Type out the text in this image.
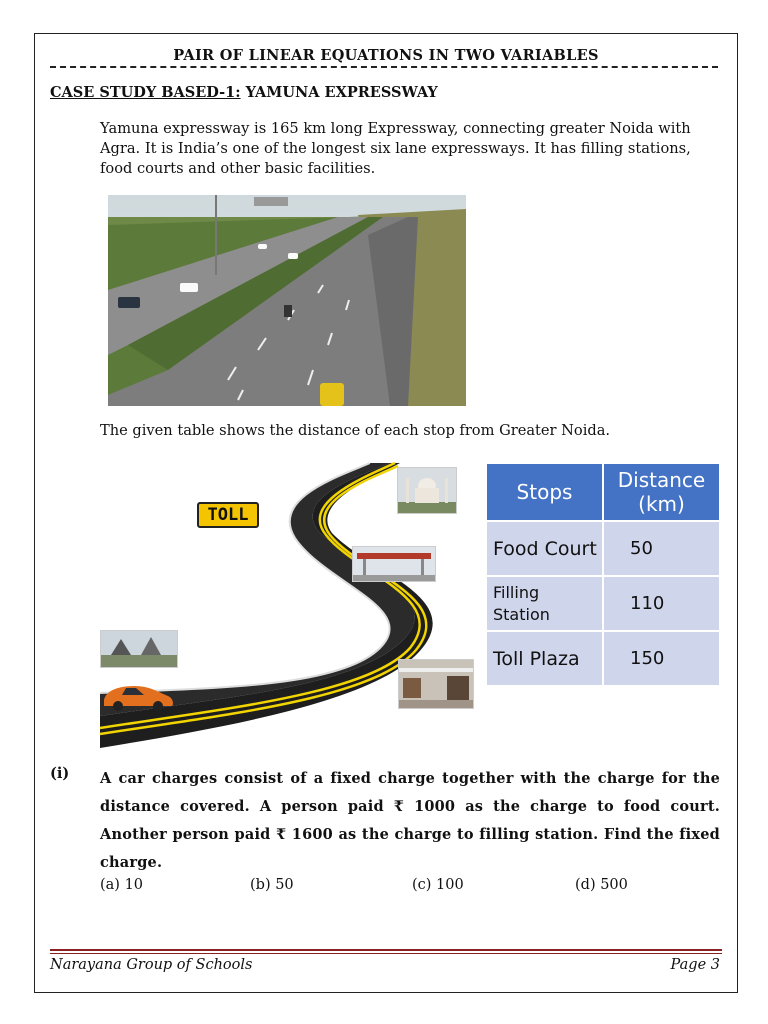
PAIR OF LINEAR EQUATIONS IN TWO VARIABLES
CASE STUDY BASED-1: YAMUNA EXPRESSWAY
Yamuna expressway is 165 km long Expressway, connecting greater Noida with Agra. It is India’s one of the longest six lane expressways. It has filling stations, food courts and other basic facilities.
The given table shows the distance of each stop from Greater Noida.
TOLL
Stops	Distance (km)
Food Court	50
Filling Station	110
Toll Plaza	150
(i) A car charges consist of a fixed charge together with the charge for the distance covered. A person paid ₹ 1000 as the charge to food court. Another person paid ₹ 1600 as the charge to filling station. Find the fixed charge.
(a) 10	(b) 50	(c) 100	(d) 500
Narayana Group of Schools	Page 3
